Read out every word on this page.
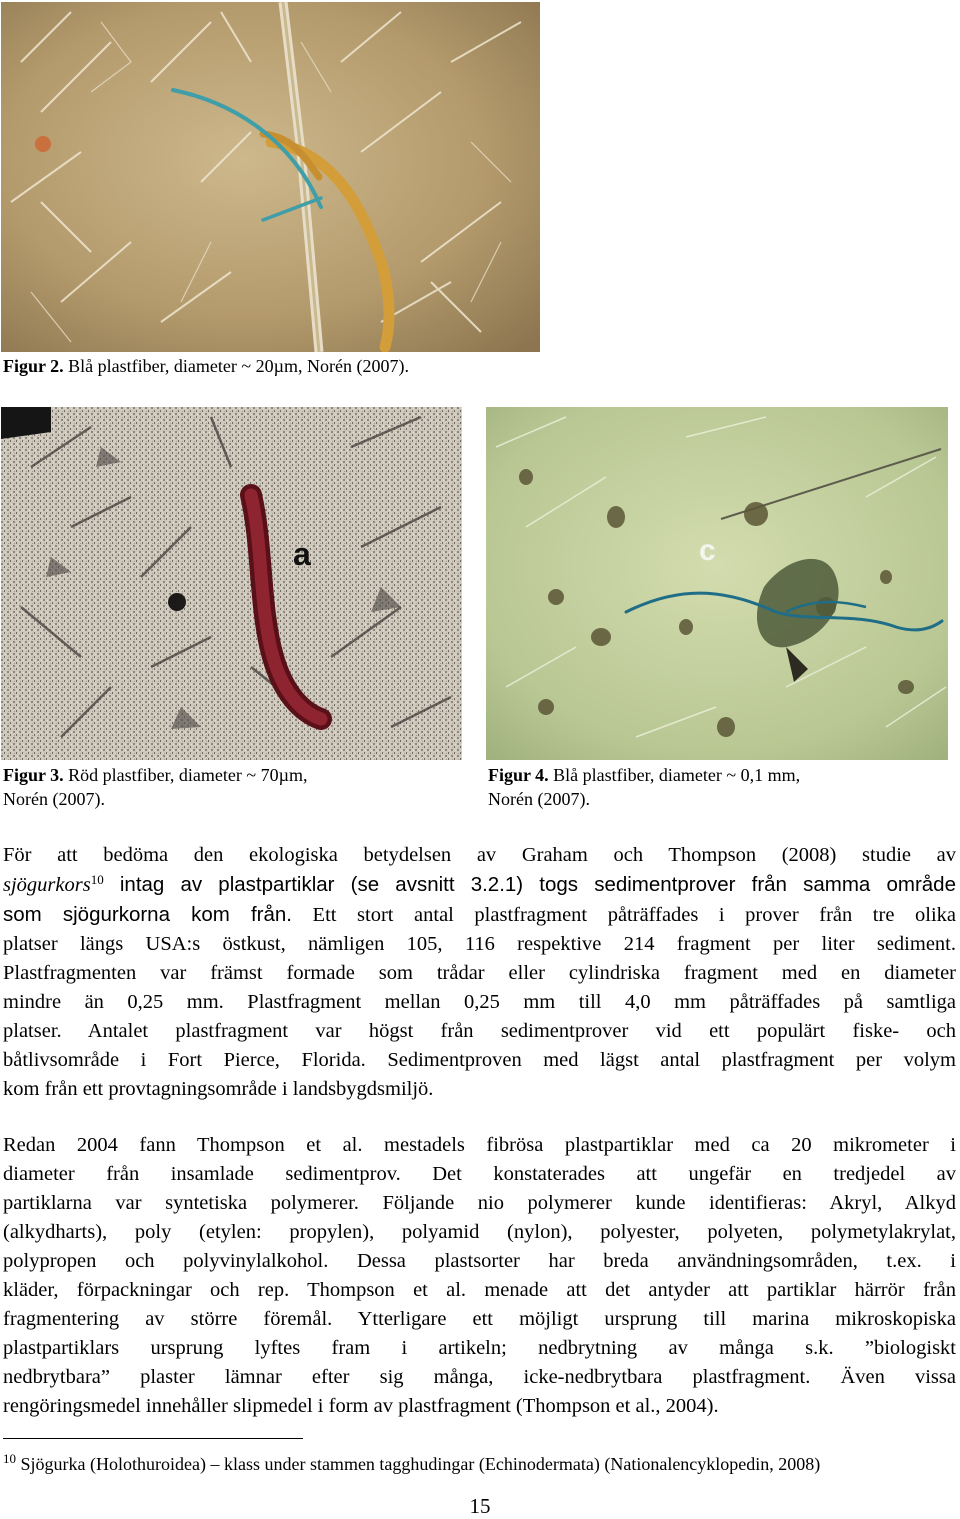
Figur 2. Blå plastfiber, diameter ~ 20µm, Norén (2007).
a
Figur 3. Röd plastfiber, diameter ~ 70µm,
Norén (2007).
c
Figur 4. Blå plastfiber, diameter ~ 0,1 mm,
Norén (2007).

För att bedöma den ekologiska betydelsen av Graham och Thompson (2008) studie av

sjögurkors$^{10}$ intag av plastpartiklar (se avsnitt 3.2.1) togs sedimentprover från samma område

som sjögurkorna kom från. Ett stort antal plastfragment påträffades i prover från tre olika

platser längs USA:s östkust, nämligen 105, 116 respektive 214 fragment per liter sediment.

Plastfragmenten var främst formade som trådar eller cylindriska fragment med en diameter

mindre än 0,25 mm. Plastfragment mellan 0,25 mm till 4,0 mm påträffades på samtliga

platser. Antalet plastfragment var högst från sedimentprover vid ett populärt fiske- och

båtlivsområde i Fort Pierce, Florida. Sedimentproven med lägst antal plastfragment per volym

kom från ett provtagningsområde i landsbygdsmiljö.

Redan 2004 fann Thompson et al. mestadels fibrösa plastpartiklar med ca 20 mikrometer i

diameter från insamlade sedimentprov. Det konstaterades att ungefär en tredjedel av

partiklarna var syntetiska polymerer. Följande nio polymerer kunde identifieras: Akryl, Alkyd

(alkydharts), poly (etylen: propylen), polyamid (nylon), polyester, polyeten, polymetylakrylat,

polypropen och polyvinylalkohol. Dessa plastsorter har breda användningsområden, t.ex. i

kläder, förpackningar och rep. Thompson et al. menade att det antyder att partiklar härrör från

fragmentering av större föremål. Ytterligare ett möjligt ursprung till marina mikroskopiska

plastpartiklars ursprung lyftes fram i artikeln; nedbrytning av många s.k. ”biologiskt

nedbrytbara” plaster lämnar efter sig många, icke-nedbrytbara plastfragment. Även vissa

rengöringsmedel innehåller slipmedel i form av plastfragment (Thompson et al., 2004).

$^{10}$ Sjögurka (Holothuroidea) – klass under stammen tagghudingar (Echinodermata) (Nationalencyklopedin, 2008)
15
